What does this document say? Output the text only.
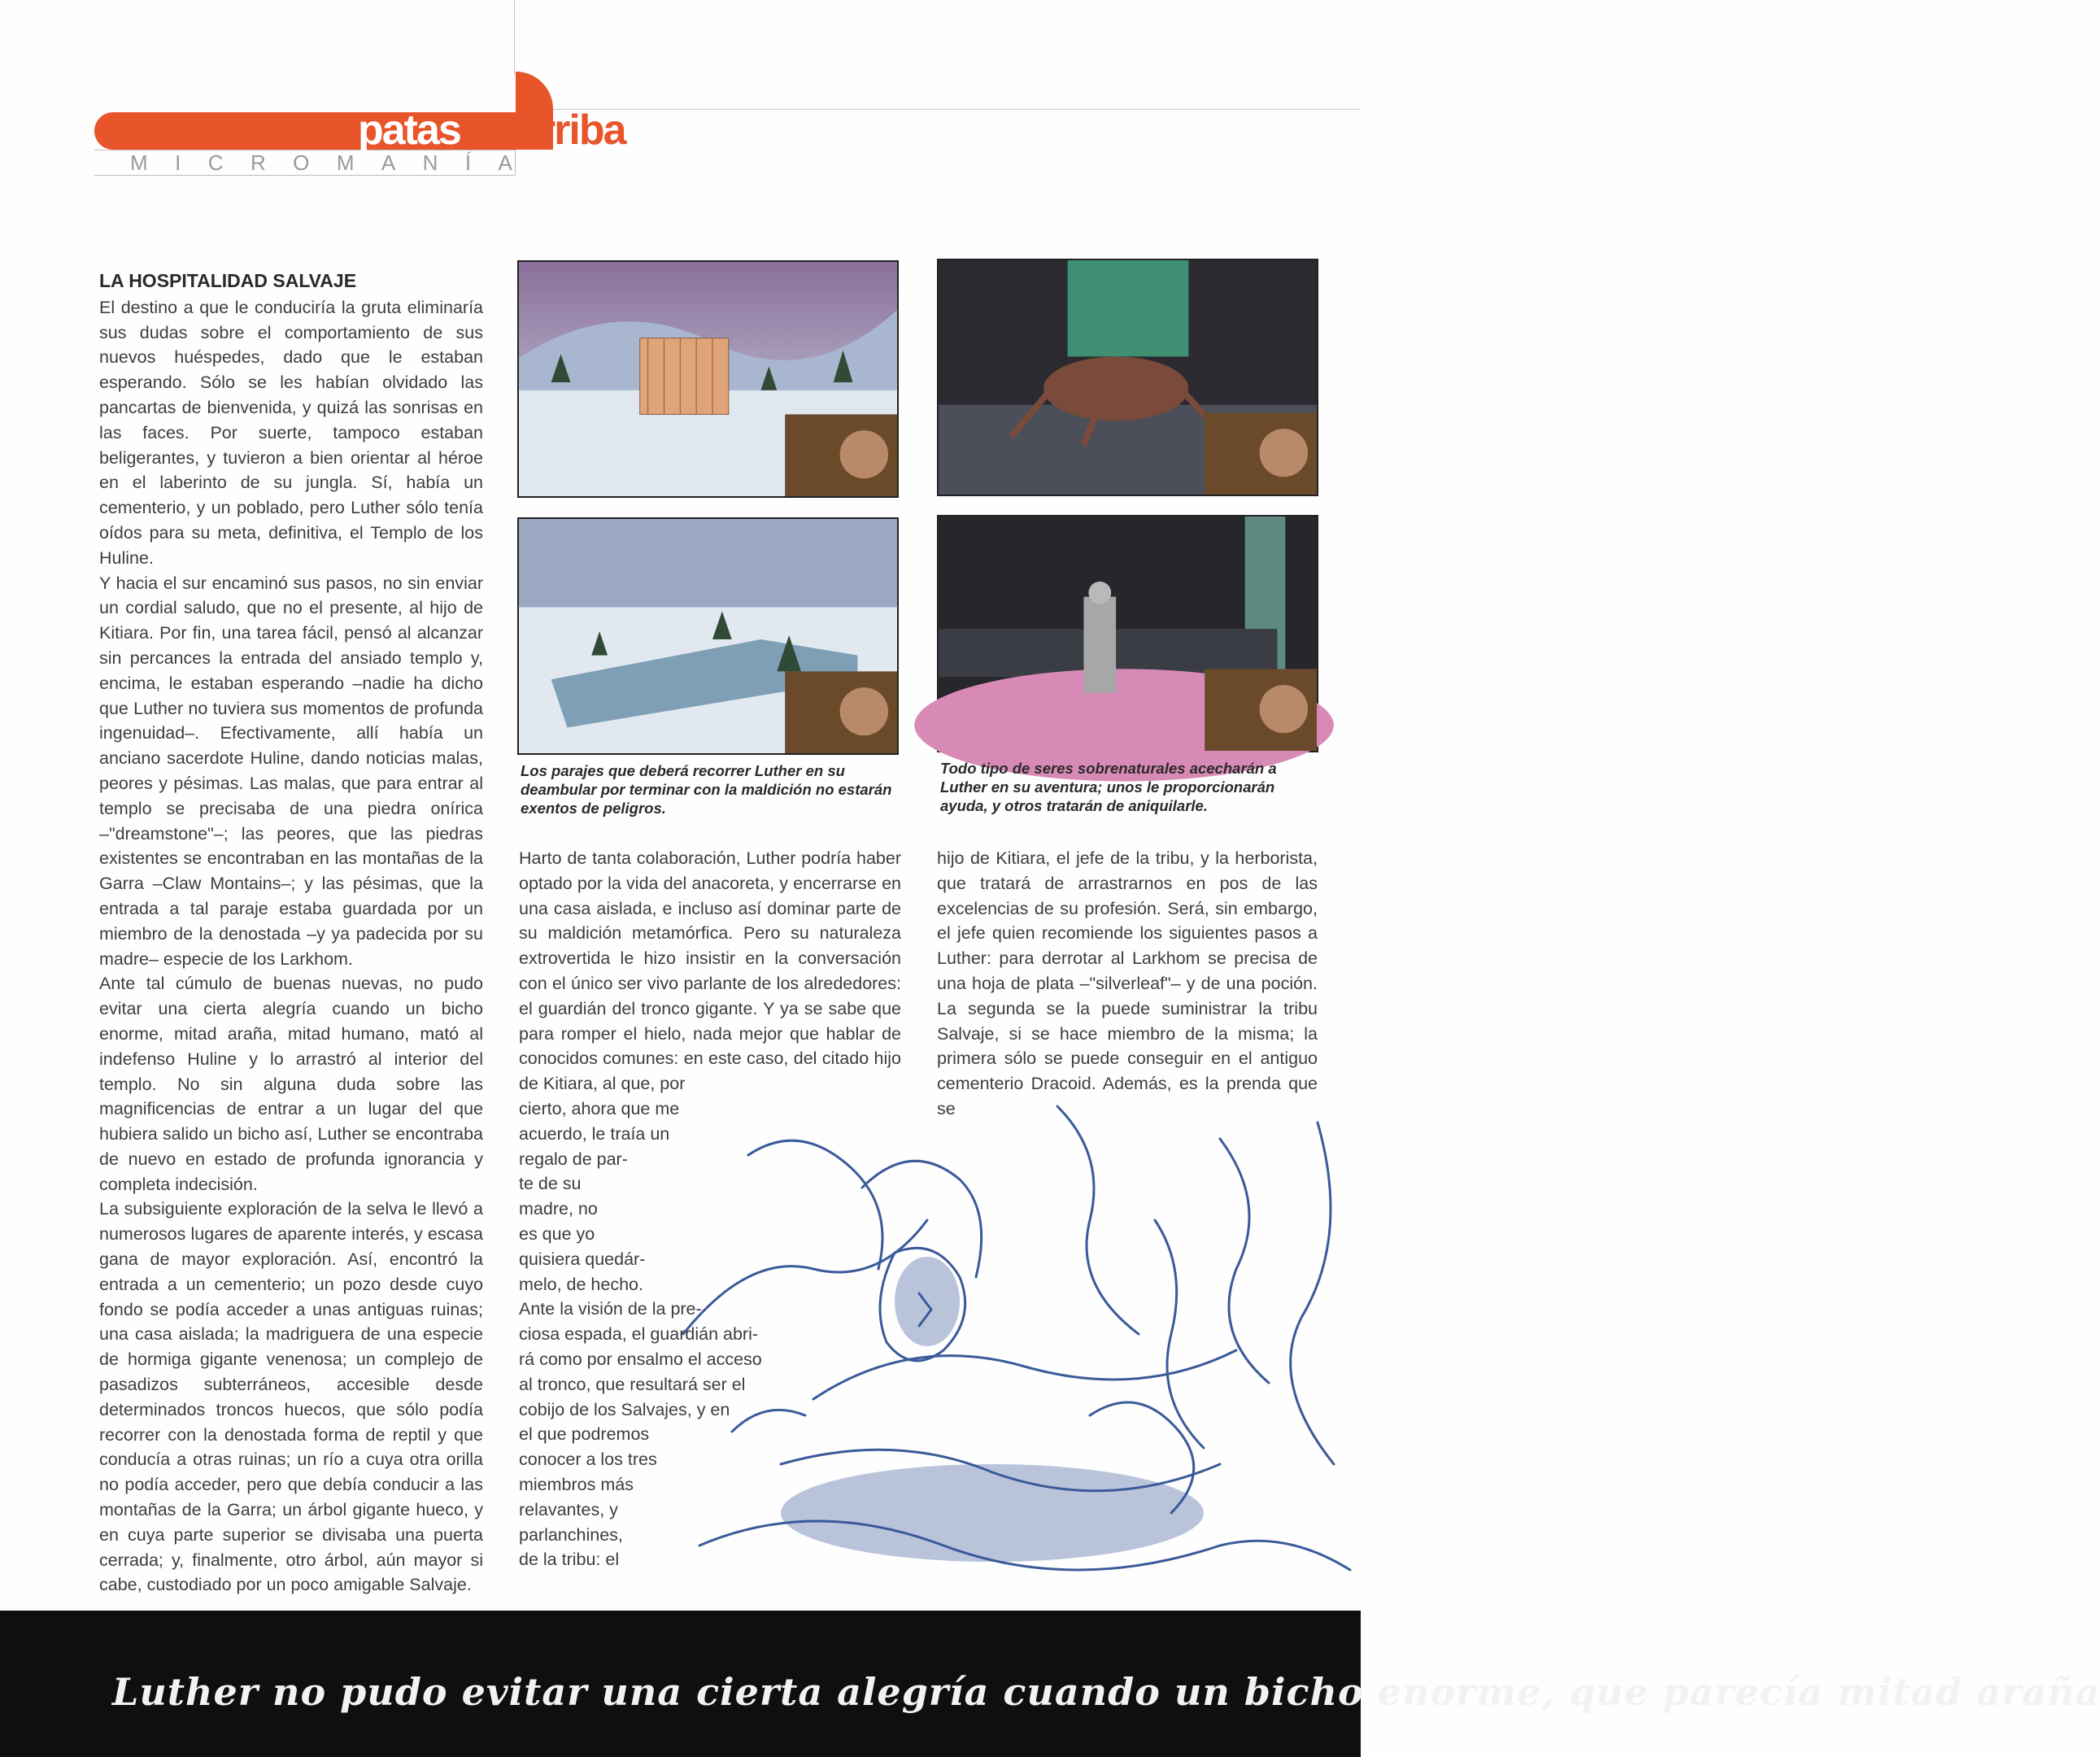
patas arriba
M I C R O M A N Í A

LA HOSPITALIDAD SALVAJE

El destino a que le conduciría la gruta eliminaría sus dudas sobre el comportamiento de sus nuevos huéspedes, dado que le estaban esperando. Sólo se les habían olvidado las pancartas de bienvenida, y quizá las sonrisas en las faces. Por suerte, tampoco estaban beligerantes, y tuvieron a bien orientar al héroe en el laberinto de su jungla. Sí, había un cementerio, y un poblado, pero Luther sólo tenía oídos para su meta, definitiva, el Templo de los Huline.

Y hacia el sur encaminó sus pasos, no sin enviar un cordial saludo, que no el presente, al hijo de Kitiara. Por fin, una tarea fácil, pensó al alcanzar sin percances la entrada del ansiado templo y, encima, le estaban esperando –nadie ha dicho que Luther no tuviera sus momentos de profunda ingenuidad–. Efectivamente, allí había un anciano sacerdote Huline, dando noticias malas, peores y pésimas. Las malas, que para entrar al templo se precisaba de una piedra onírica –"dreamstone"–; las peores, que las piedras existentes se encontraban en las montañas de la Garra –Claw Montains–; y las pésimas, que la entrada a tal paraje estaba guardada por un miembro de la denostada –y ya padecida por su madre– especie de los Larkhom.

Ante tal cúmulo de buenas nuevas, no pudo evitar una cierta alegría cuando un bicho enorme, mitad araña, mitad humano, mató al indefenso Huline y lo arrastró al interior del templo. No sin alguna duda sobre las magnificencias de entrar a un lugar del que hubiera salido un bicho así, Luther se encontraba de nuevo en estado de profunda ignorancia y completa indecisión.

La subsiguiente exploración de la selva le llevó a numerosos lugares de aparente interés, y escasa gana de mayor exploración. Así, encontró la entrada a un cementerio; un pozo desde cuyo fondo se podía acceder a unas antiguas ruinas; una casa aislada; la madriguera de una especie de hormiga gigante venenosa; un complejo de pasadizos subterráneos, accesible desde determinados troncos huecos, que sólo podía recorrer con la denostada forma de reptil y que conducía a otras ruinas; un río a cuya otra orilla no podía acceder, pero que debía conducir a las montañas de la Garra; un árbol gigante hueco, y en cuya parte superior se divisaba una puerta cerrada; y, finalmente, otro árbol, aún mayor si cabe, custodiado por un poco amigable Salvaje.

Los parajes que deberá recorrer Luther en su deambular por terminar con la maldición no estarán exentos de peligros.
Todo tipo de seres sobrenaturales acecharán a Luther en su aventura; unos le proporcionarán ayuda, y otros tratarán de aniquilarle.

Harto de tanta colaboración, Luther podría haber optado por la vida del anacoreta, y encerrarse en una casa aislada, e incluso así dominar parte de su maldición metamórfica. Pero su naturaleza extrovertida le hizo insistir en la conversación con el único ser vivo parlante de los alrededores: el guardián del tronco gigante. Y ya se sabe que para romper el hielo, nada mejor que hablar de conocidos comunes: en este caso, del citado hijo de Kitiara, al que, por

cierto, ahora que me
acuerdo, le traía un
regalo de par-
te de su
madre, no
es que yo
quisiera quedár-
melo, de hecho.
Ante la visión de la pre-
ciosa espada, el guardián abri-
rá como por ensalmo el acceso
al tronco, que resultará ser el
cobijo de los Salvajes, y en
el que podremos
conocer a los tres
miembros más
relavantes, y
parlanchines,
de la tribu: el

hijo de Kitiara, el jefe de la tribu, y la herborista, que tratará de arrastrarnos en pos de las excelencias de su profesión. Será, sin embargo, el jefe quien recomiende los siguientes pasos a Luther: para derrotar al Larkhom se precisa de una hoja de plata –"silverleaf"– y de una poción. La segunda se la puede suministrar la tribu Salvaje, si se hace miembro de la misma; la primera sólo se puede conseguir en el antiguo cementerio Dracoid. Además, es la prenda que se

Luther no pudo evitar una cierta alegría cuando un bicho enorme, que parecía mitad araña
